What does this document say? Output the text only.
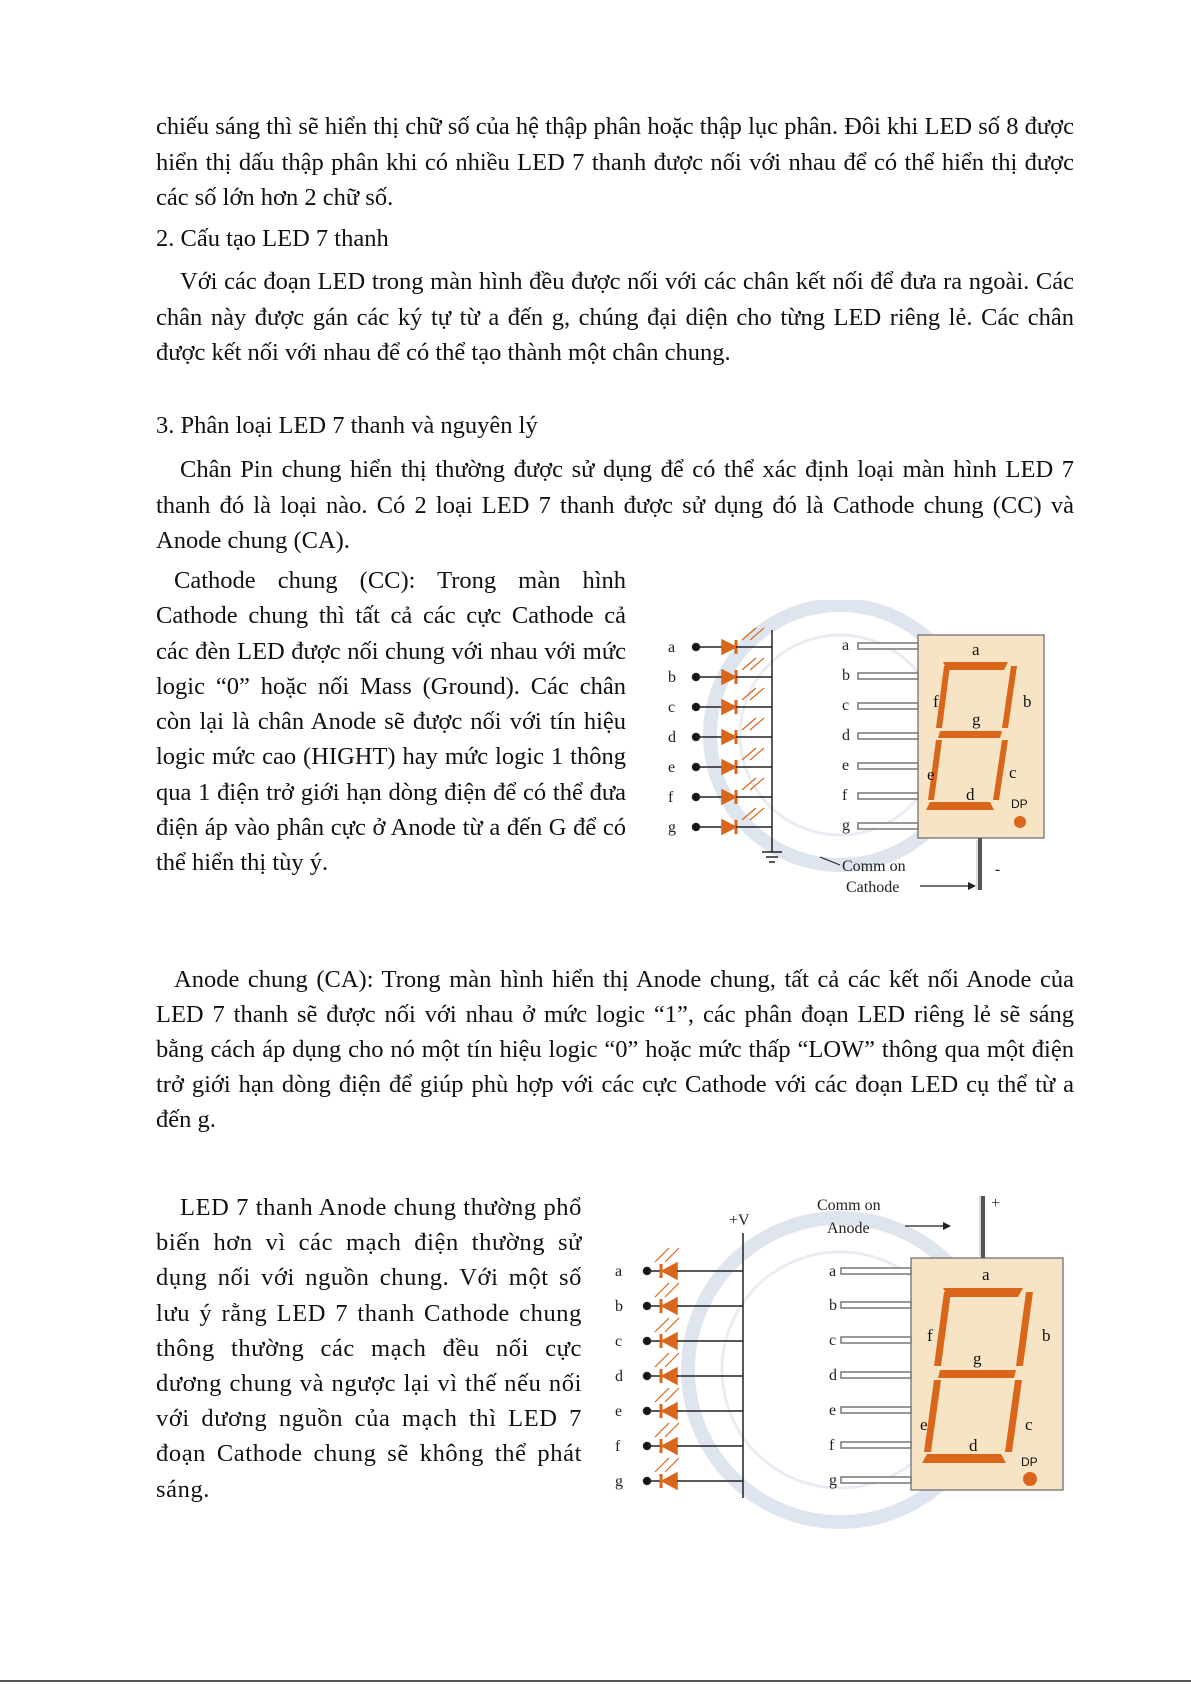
chiếu sáng thì sẽ hiển thị chữ số của hệ thập phân hoặc thập lục phân. Đôi khi LED số 8 được hiển thị dấu thập phân khi có nhiều LED 7 thanh được nối với nhau để có thể hiển thị được các số lớn hơn 2 chữ số.

2. Cấu tạo LED 7 thanh

Với các đoạn LED trong màn hình đều được nối với các chân kết nối để đưa ra ngoài. Các chân này được gán các ký tự từ a đến g, chúng đại diện cho từng LED riêng lẻ. Các chân được kết nối với nhau để có thể tạo thành một chân chung.

3. Phân loại LED 7 thanh và nguyên lý

Chân Pin chung hiển thị thường được sử dụng để có thể xác định loại màn hình LED 7 thanh đó là loại nào. Có 2 loại LED 7 thanh được sử dụng đó là Cathode chung (CC) và Anode chung (CA).

Cathode chung (CC): Trong màn hình Cathode chung thì tất cả các cực Cathode cả các đèn LED được nối chung với nhau với mức logic “0” hoặc nối Mass (Ground). Các chân còn lại là chân Anode sẽ được nối với tín hiệu logic mức cao (HIGHT) hay mức logic 1 thông qua 1 điện trở giới hạn dòng điện để có thể đưa điện áp vào phân cực ở Anode từ a đến G để có thể hiển thị tùy ý.

a
b
c
d
e
f
g
a
b
c
d
e
f
g
a
b
c
d
e
f
g
DP
-
Comm on
Cathode

Anode chung (CA): Trong màn hình hiển thị Anode chung, tất cả các kết nối Anode của LED 7 thanh sẽ được nối với nhau ở mức logic “1”, các phân đoạn LED riêng lẻ sẽ sáng bằng cách áp dụng cho nó một tín hiệu logic “0” hoặc mức thấp “LOW” thông qua một điện trở giới hạn dòng điện để giúp phù hợp với các cực Cathode với các đoạn LED cụ thể từ a đến g.

LED 7 thanh Anode chung thường phổ biến hơn vì các mạch điện thường sử dụng nối với nguồn chung. Với một số lưu ý rằng LED 7 thanh Cathode chung thông thường các mạch đều nối cực dương chung và ngược lại vì thế nếu nối với dương nguồn của mạch thì LED 7 đoạn Cathode chung sẽ không thể phát sáng.

+V
Comm on
Anode
a
b
c
d
e
f
g
a
b
c
d
e
f
g
a
b
c
d
e
f
g
DP
+
